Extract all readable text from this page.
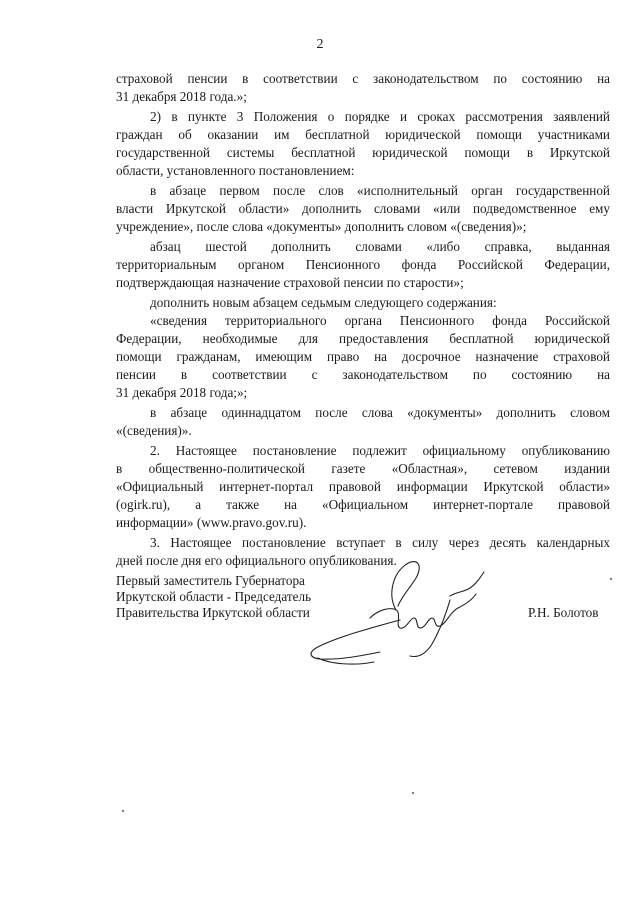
2
страховой пенсии в соответствии с законодательством по состоянию на
31 декабря 2018 года.»;
2) в пункте 3 Положения о порядке и сроках рассмотрения заявлений
граждан об оказании им бесплатной юридической помощи участниками
государственной системы бесплатной юридической помощи в Иркутской
области, установленного постановлением:
в абзаце первом после слов «исполнительный орган государственной
власти Иркутской области» дополнить словами «или подведомственное ему
учреждение», после слова «документы» дополнить словом «(сведения)»;
абзац шестой дополнить словами «либо справка, выданная
территориальным органом Пенсионного фонда Российской Федерации,
подтверждающая назначение страховой пенсии по старости»;
дополнить новым абзацем седьмым следующего содержания:
«сведения территориального органа Пенсионного фонда Российской
Федерации, необходимые для предоставления бесплатной юридической
помощи гражданам, имеющим право на досрочное назначение страховой
пенсии в соответствии с законодательством по состоянию на
31 декабря 2018 года;»;
в абзаце одиннадцатом после слова «документы» дополнить словом
«(сведения)».
2. Настоящее постановление подлежит официальному опубликованию
в общественно-политической газете «Областная», сетевом издании
«Официальный интернет-портал правовой информации Иркутской области»
(ogirk.ru), а также на «Официальном интернет-портале правовой
информации» (www.pravo.gov.ru).
3. Настоящее постановление вступает в силу через десять календарных
дней после дня его официального опубликования.
Первый заместитель Губернатора
Иркутской области - Председатель
Правительства Иркутской области	Р.Н. Болотов
